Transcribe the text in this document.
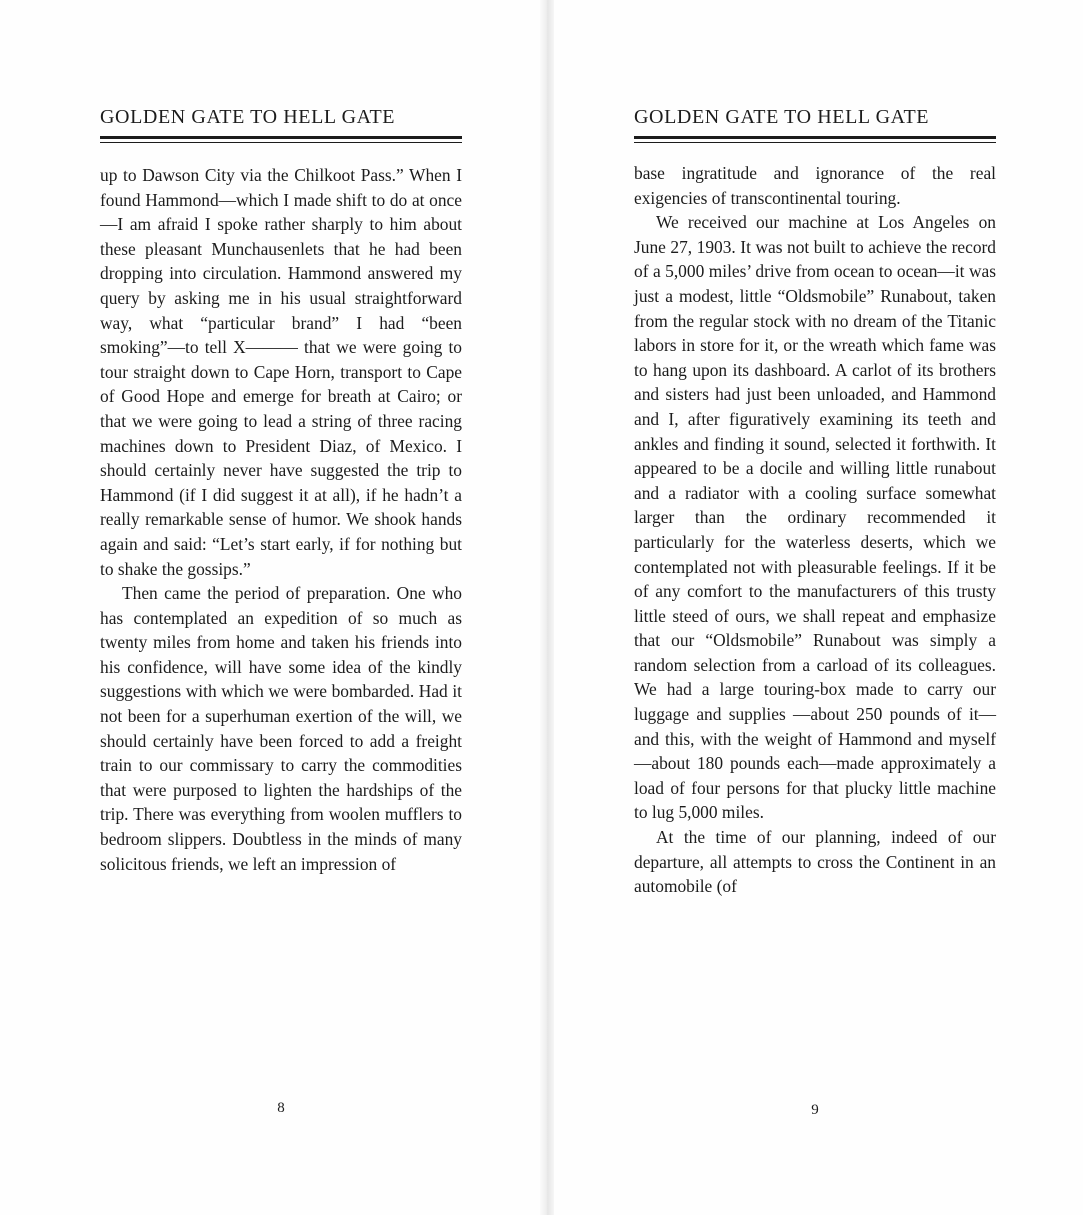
GOLDEN GATE TO HELL GATE

up to Dawson City via the Chilkoot Pass.” When I found Hammond—which I made shift to do at once—I am afraid I spoke rather sharply to him about these pleasant Munchausenlets that he had been dropping into circulation. Hammond answered my query by asking me in his usual straightforward way, what “particular brand” I had “been smoking”—to tell X——— that we were going to tour straight down to Cape Horn, transport to Cape of Good Hope and emerge for breath at Cairo; or that we were going to lead a string of three racing machines down to President Diaz, of Mexico. I should certainly never have suggested the trip to Hammond (if I did suggest it at all), if he hadn’t a really remarkable sense of humor. We shook hands again and said: “Let’s start early, if for nothing but to shake the gossips.”

Then came the period of preparation. One who has contemplated an expedition of so much as twenty miles from home and taken his friends into his confidence, will have some idea of the kindly suggestions with which we were bombarded. Had it not been for a superhuman exertion of the will, we should certainly have been forced to add a freight train to our commissary to carry the commodities that were purposed to lighten the hardships of the trip. There was everything from woolen mufflers to bedroom slippers. Doubtless in the minds of many solicitous friends, we left an impression of

8
GOLDEN GATE TO HELL GATE

base ingratitude and ignorance of the real exigencies of transcontinental touring.

We received our machine at Los Angeles on June 27, 1903. It was not built to achieve the record of a 5,000 miles’ drive from ocean to ocean—it was just a modest, little “Oldsmobile” Runabout, taken from the regular stock with no dream of the Titanic labors in store for it, or the wreath which fame was to hang upon its dashboard. A carlot of its brothers and sisters had just been unloaded, and Hammond and I, after figuratively examining its teeth and ankles and finding it sound, selected it forthwith. It appeared to be a docile and willing little runabout and a radiator with a cooling surface somewhat larger than the ordinary recommended it particularly for the waterless deserts, which we contemplated not with pleasurable feelings. If it be of any comfort to the manufacturers of this trusty little steed of ours, we shall repeat and emphasize that our “Oldsmobile” Runabout was simply a random selection from a carload of its colleagues. We had a large touring-box made to carry our luggage and supplies —about 250 pounds of it—and this, with the weight of Hammond and myself—about 180 pounds each—made approximately a load of four persons for that plucky little machine to lug 5,000 miles.

At the time of our planning, indeed of our departure, all attempts to cross the Continent in an automobile (of

9
